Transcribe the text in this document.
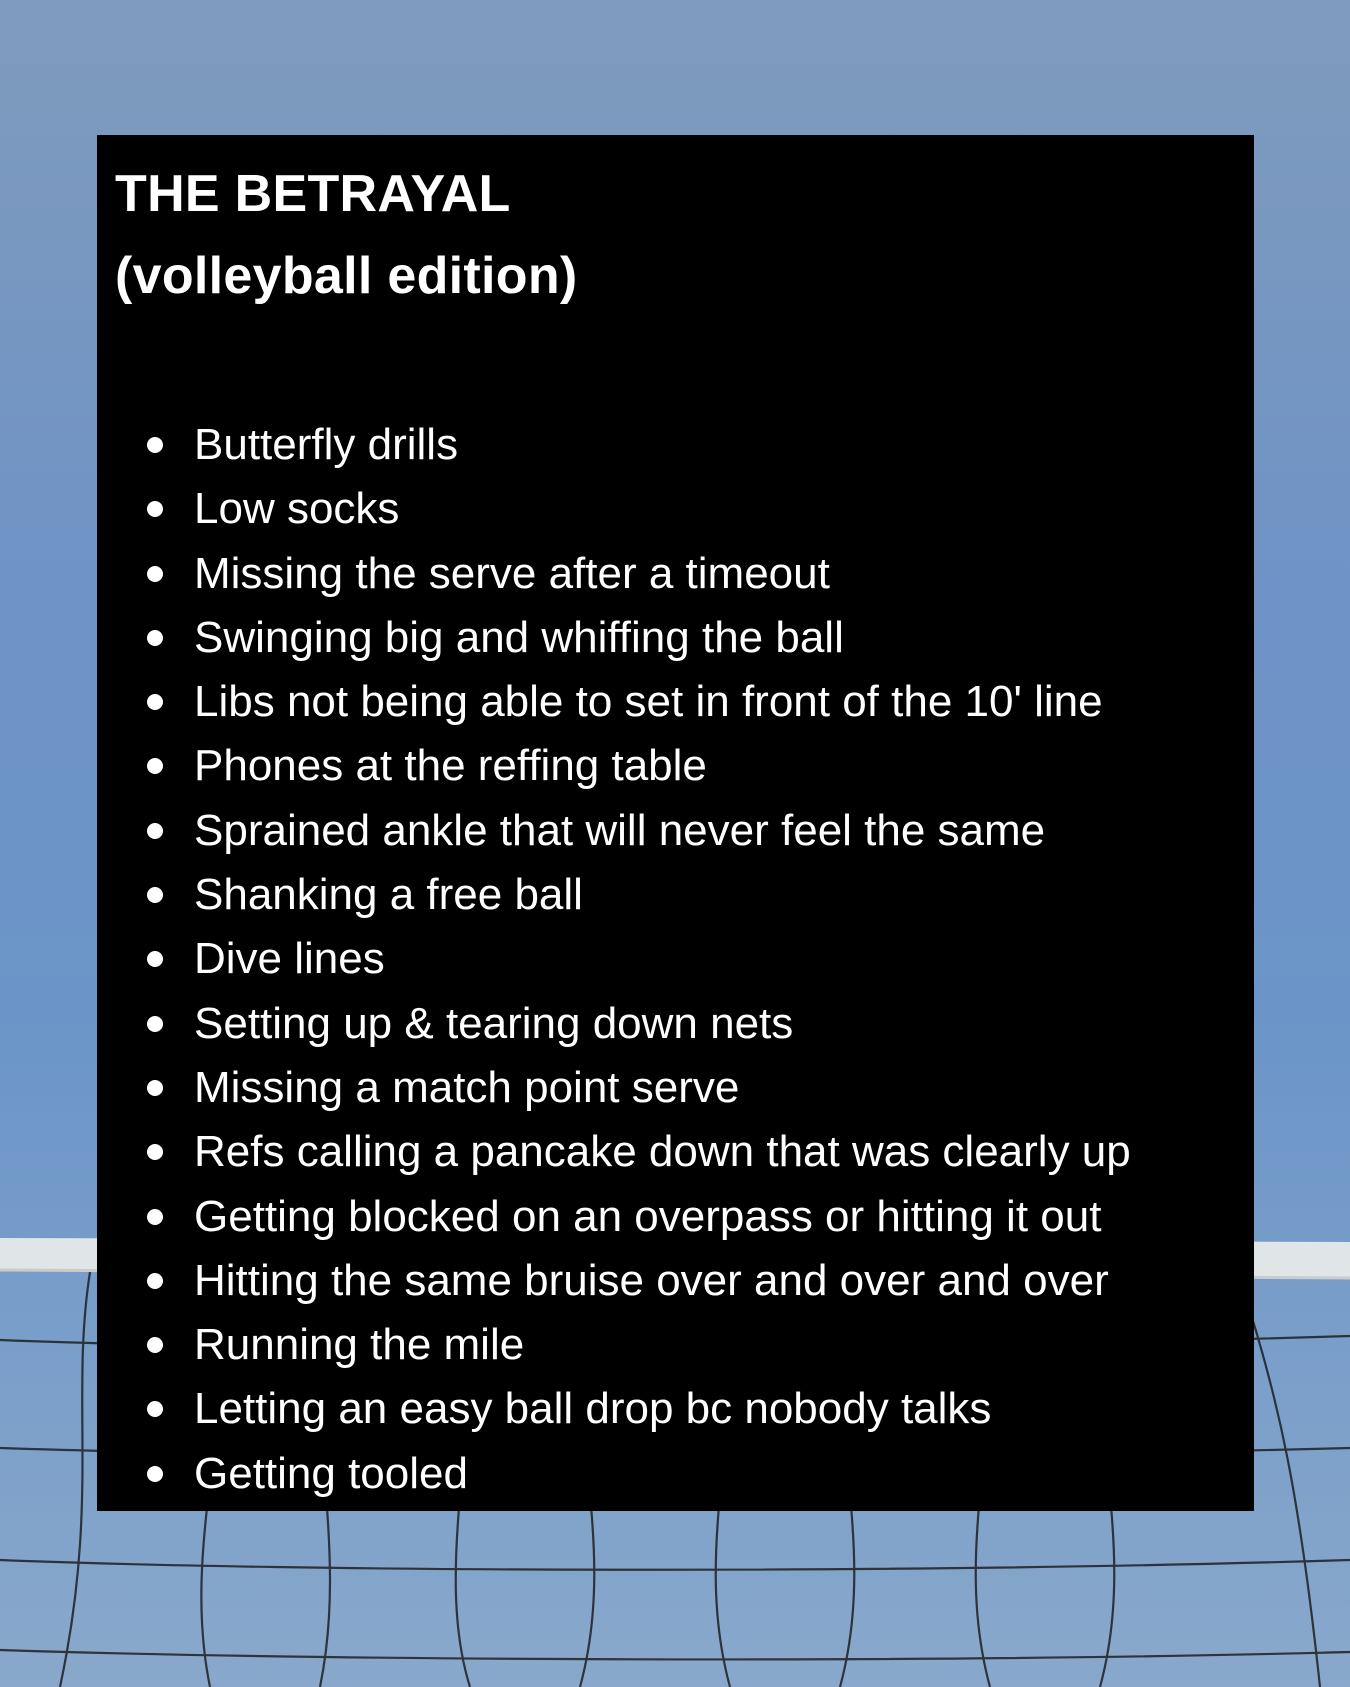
THE BETRAYAL
(volleyball edition)
Butterfly drills
Low socks
Missing the serve after a timeout
Swinging big and whiffing the ball
Libs not being able to set in front of the 10' line
Phones at the reffing table
Sprained ankle that will never feel the same
Shanking a free ball
Dive lines
Setting up & tearing down nets
Missing a match point serve
Refs calling a pancake down that was clearly up
Getting blocked on an overpass or hitting it out
Hitting the same bruise over and over and over
Running the mile
Letting an easy ball drop bc nobody talks
Getting tooled
